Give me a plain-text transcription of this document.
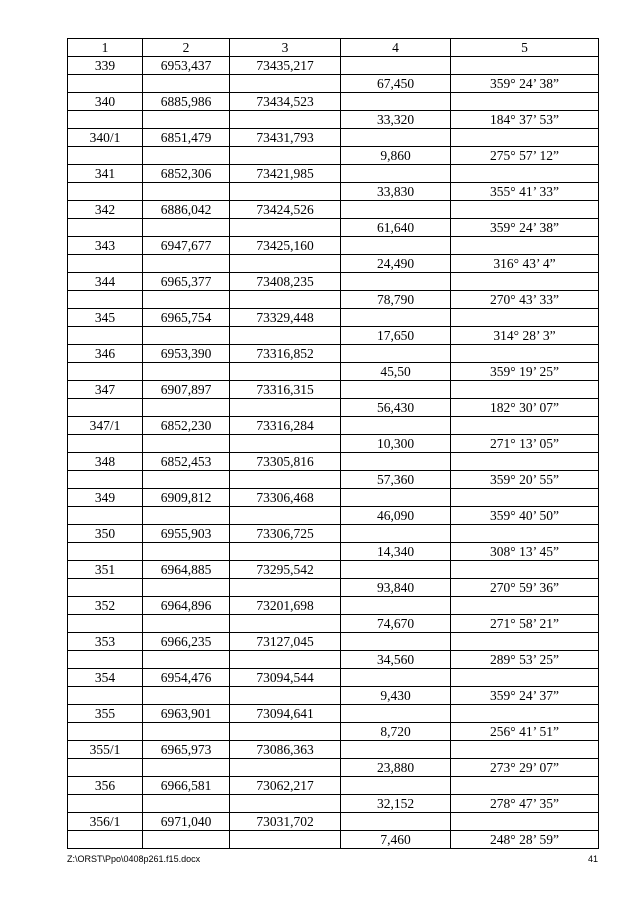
1	2	3	4	5
339	6953,437	73435,217		
			67,450	359° 24’ 38”
340	6885,986	73434,523		
			33,320	184° 37’ 53”
340/1	6851,479	73431,793		
			9,860	275° 57’ 12”
341	6852,306	73421,985		
			33,830	355° 41’ 33”
342	6886,042	73424,526		
			61,640	359° 24’ 38”
343	6947,677	73425,160		
			24,490	316° 43’ 4”
344	6965,377	73408,235		
			78,790	270° 43’ 33”
345	6965,754	73329,448		
			17,650	314° 28’ 3”
346	6953,390	73316,852		
			45,50	359° 19’ 25”
347	6907,897	73316,315		
			56,430	182° 30’ 07”
347/1	6852,230	73316,284		
			10,300	271° 13’ 05”
348	6852,453	73305,816		
			57,360	359° 20’ 55”
349	6909,812	73306,468		
			46,090	359° 40’ 50”
350	6955,903	73306,725		
			14,340	308° 13’ 45”
351	6964,885	73295,542		
			93,840	270° 59’ 36”
352	6964,896	73201,698		
			74,670	271° 58’ 21”
353	6966,235	73127,045		
			34,560	289° 53’ 25”
354	6954,476	73094,544		
			9,430	359° 24’ 37”
355	6963,901	73094,641		
			8,720	256° 41’ 51”
355/1	6965,973	73086,363		
			23,880	273° 29’ 07”
356	6966,581	73062,217		
			32,152	278° 47’ 35”
356/1	6971,040	73031,702		
			7,460	248° 28’ 59”
Z:\ORST\Ppo\0408p261.f15.docx	41
